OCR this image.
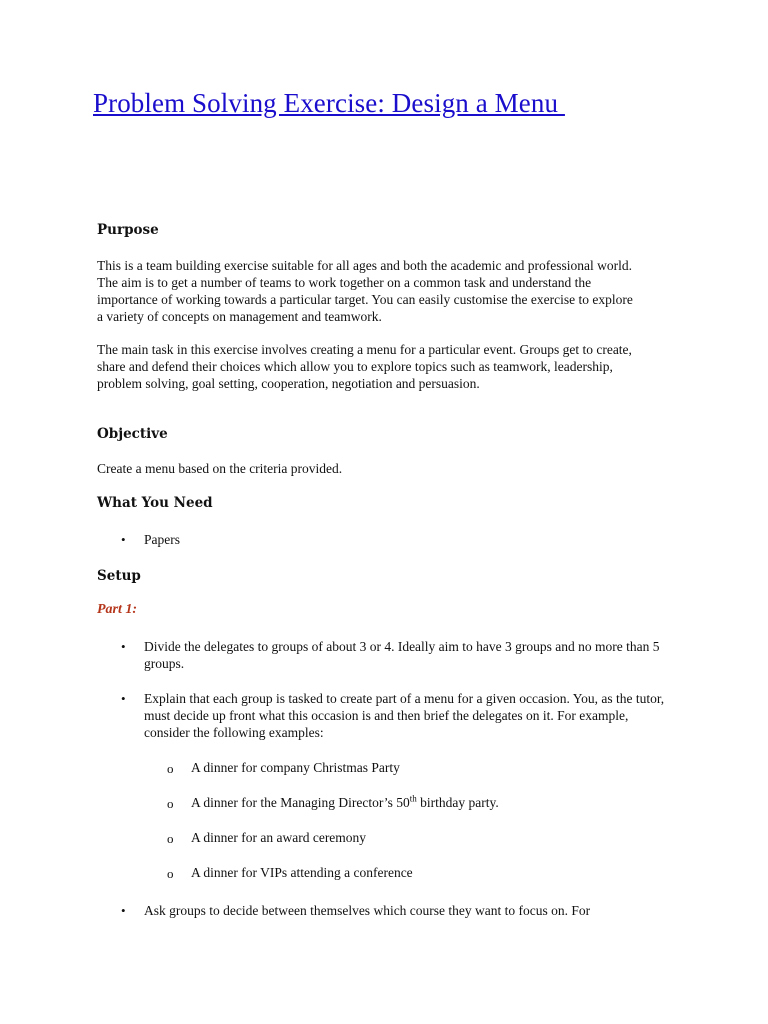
Problem Solving Exercise: Design a Menu
Purpose

This is a team building exercise suitable for all ages and both the academic and professional world. The aim is to get a number of teams to work together on a common task and understand the importance of working towards a particular target. You can easily customise the exercise to explore a variety of concepts on management and teamwork.

The main task in this exercise involves creating a menu for a particular event. Groups get to create, share and defend their choices which allow you to explore topics such as teamwork, leadership, problem solving, goal setting, cooperation, negotiation and persuasion.

Objective

Create a menu based on the criteria provided.

What You Need
•	Papers

Setup

Part 1:

•	Divide the delegates to groups of about 3 or 4. Ideally aim to have 3 groups and no more than 5 groups.

•	Explain that each group is tasked to create part of a menu for a given occasion. You, as the tutor, must decide up front what this occasion is and then brief the delegates on it. For example, consider the following examples:

o	A dinner for company Christmas Party

o	A dinner for the Managing Director’s 50th birthday party.

o	A dinner for an award ceremony

o	A dinner for VIPs attending a conference

•	Ask groups to decide between themselves which course they want to focus on. For
